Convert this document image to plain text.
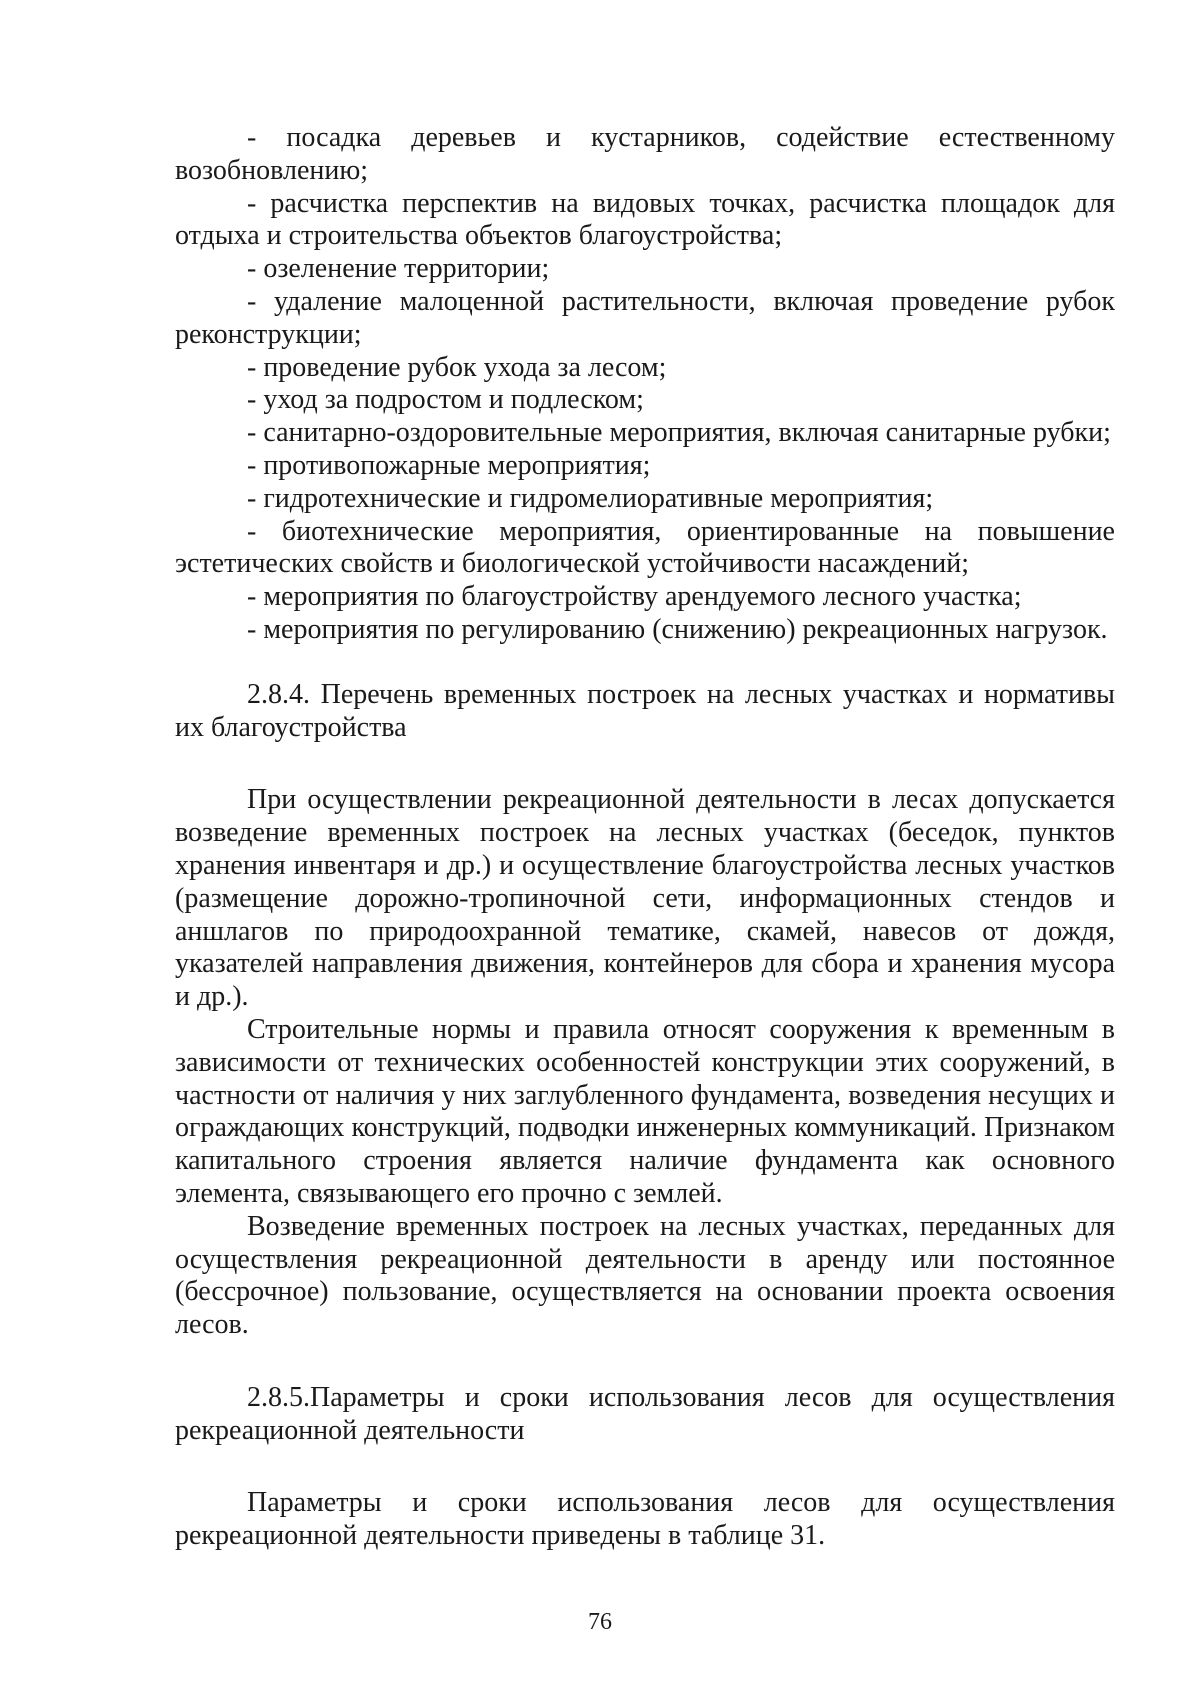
- посадка деревьев и кустарников, содействие естественному возобновлению;

- расчистка перспектив на видовых точках, расчистка площадок для отдыха и строительства объектов благоустройства;

- озеленение территории;

- удаление малоценной растительности, включая проведение рубок реконструкции;

- проведение рубок ухода за лесом;

- уход за подростом и подлеском;

- санитарно-оздоровительные мероприятия, включая санитарные рубки;

- противопожарные мероприятия;

- гидротехнические и гидромелиоративные мероприятия;

- биотехнические мероприятия, ориентированные на повышение эстетических свойств и биологической устойчивости насаждений;

- мероприятия по благоустройству арендуемого лесного участка;

- мероприятия по регулированию (снижению) рекреационных нагрузок.

2.8.4. Перечень временных построек на лесных участках и нормативы их благоустройства

При осуществлении рекреационной деятельности в лесах допускается возведение временных построек на лесных участках (беседок, пунктов хранения инвентаря и др.) и осуществление благоустройства лесных участков (размещение дорожно-тропиночной сети, информационных стендов и аншлагов по природоохранной тематике, скамей, навесов от дождя, указателей направления движения, контейнеров для сбора и хранения мусора и др.).

Строительные нормы и правила относят сооружения к временным в зависимости от технических особенностей конструкции этих сооружений, в частности от наличия у них заглубленного фундамента, возведения несущих и ограждающих конструкций, подводки инженерных коммуникаций. Признаком капитального строения является наличие фундамента как основного элемента, связывающего его прочно с землей.

Возведение временных построек на лесных участках, переданных для осуществления рекреационной деятельности в аренду или постоянное (бессрочное) пользование, осуществляется на основании проекта освоения лесов.

2.8.5.Параметры и сроки использования лесов для осуществления рекреационной деятельности

Параметры и сроки использования лесов для осуществления рекреационной деятельности приведены в таблице 31.

76
